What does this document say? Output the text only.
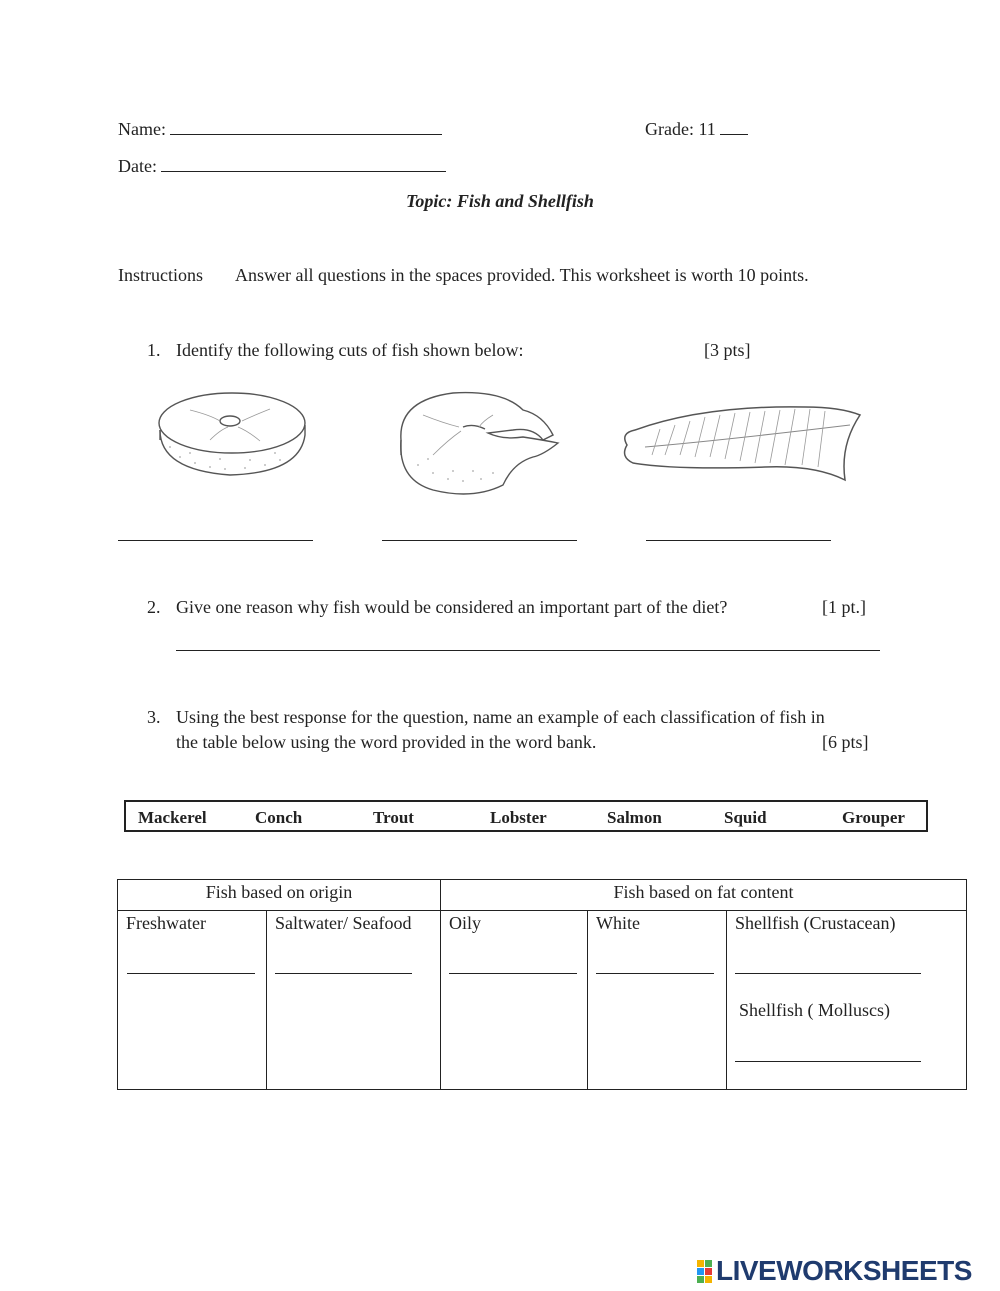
Name:	Grade: 11
Date:
Topic: Fish and Shellfish
Instructions Answer all questions in the spaces provided. This worksheet is worth 10 points.
1. Identify the following cuts of fish shown below:	[3 pts]
2. Give one reason why fish would be considered an important part of the diet?	[1 pt.]
3. Using the best response for the question, name an example of each classification of fish in
the table below using the word provided in the word bank.	[6 pts]
Mackerel	Conch	Trout	Lobster	Salmon	Squid	Grouper
Fish based on origin		Fish based on fat content		

Freshwater	Saltwater/ Seafood	Oily	White	Shellfish (Crustacean)
Shellfish ( Molluscs)
LIVEWORKSHEETS
